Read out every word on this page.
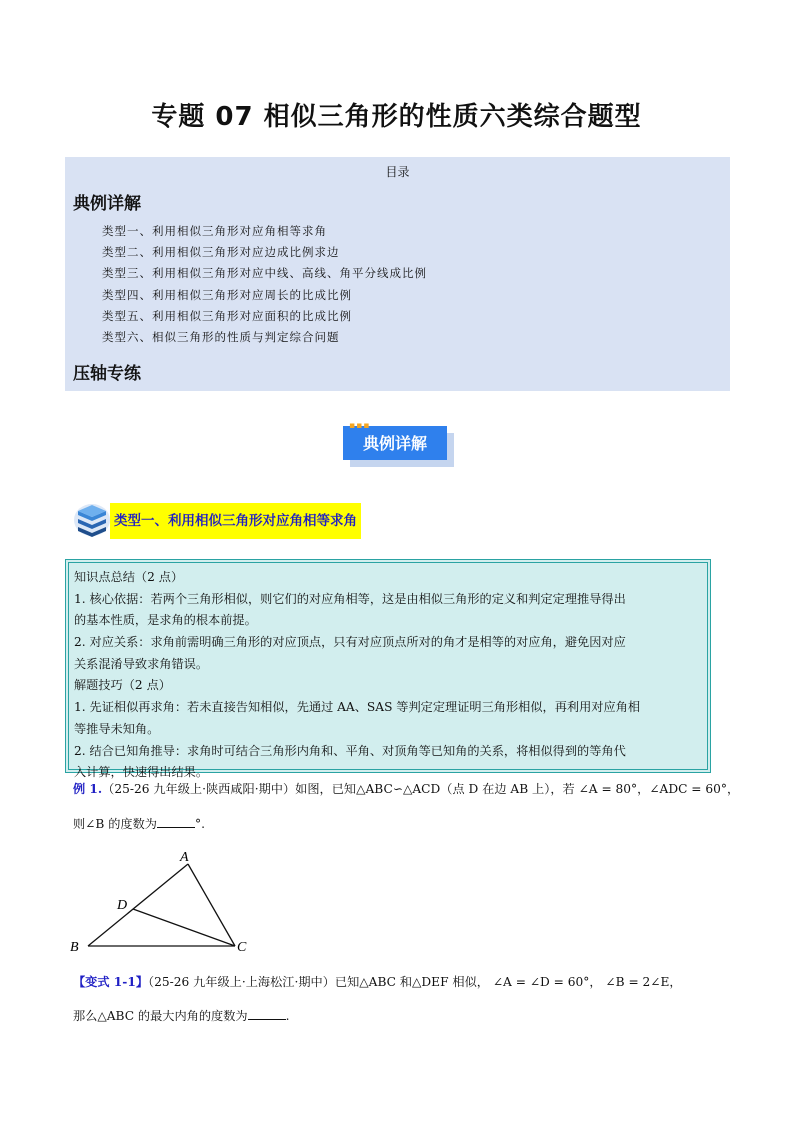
专题 07 相似三角形的性质六类综合题型
目录
典例详解
类型一、利用相似三角形对应角相等求角
类型二、利用相似三角形对应边成比例求边
类型三、利用相似三角形对应中线、高线、角平分线成比例
类型四、利用相似三角形对应周长的比成比例
类型五、利用相似三角形对应面积的比成比例
类型六、相似三角形的性质与判定综合问题
压轴专练
典例详解
▪▪▪
类型一、利用相似三角形对应角相等求角
知识点总结（2 点）
1. 核心依据：若两个三角形相似，则它们的对应角相等，这是由相似三角形的定义和判定定理推导得出
的基本性质，是求角的根本前提。
2. 对应关系：求角前需明确三角形的对应顶点，只有对应顶点所对的角才是相等的对应角，避免因对应
关系混淆导致求角错误。
解题技巧（2 点）
1. 先证相似再求角：若未直接告知相似，先通过 AA、SAS 等判定定理证明三角形相似，再利用对应角相
等推导未知角。
2. 结合已知角推导：求角时可结合三角形内角和、平角、对顶角等已知角的关系，将相似得到的等角代
入计算，快速得出结果。
例 1.（25-26 九年级上·陕西咸阳·期中）如图，已知△ABC∽△ACD（点 D 在边 AB 上），若 ∠A = 80°，∠ADC = 60°，
则∠B 的度数为	°.
A
B	C
D
【变式 1-1】（25-26 九年级上·上海松江·期中）已知△ABC 和△DEF 相似， ∠A = ∠D = 60°， ∠B = 2∠E，
那么△ABC 的最大内角的度数为	.
